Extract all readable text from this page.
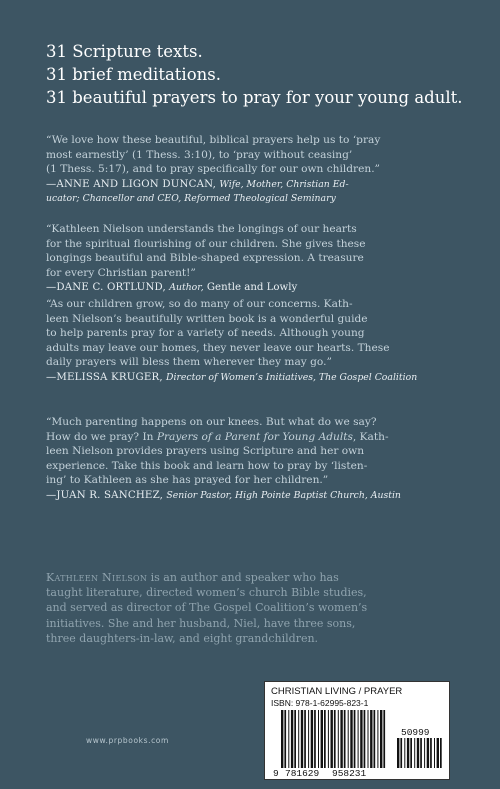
31 Scripture texts.
31 brief meditations.
31 beautiful prayers to pray for your young adult.
“We love how these beautiful, biblical prayers help us to ‘pray
most earnestly’ (1 Thess. 3:10), to ‘pray without ceasing’
(1 Thess. 5:17), and to pray specifically for our own children.”
—ANNE AND LIGON DUNCAN, Wife, Mother, Christian Ed-
ucator; Chancellor and CEO, Reformed Theological Seminary
“Kathleen Nielson understands the longings of our hearts
for the spiritual flourishing of our children. She gives these
longings beautiful and Bible-shaped expression. A treasure
for every Christian parent!”
—DANE C. ORTLUND, Author, Gentle and Lowly
“As our children grow, so do many of our concerns. Kath-
leen Nielson’s beautifully written book is a wonderful guide
to help parents pray for a variety of needs. Although young
adults may leave our homes, they never leave our hearts. These
daily prayers will bless them wherever they may go.”
—MELISSA KRUGER, Director of Women’s Initiatives, The Gospel Coalition
“Much parenting happens on our knees. But what do we say?
How do we pray? In Prayers of a Parent for Young Adults, Kath-
leen Nielson provides prayers using Scripture and her own
experience. Take this book and learn how to pray by ‘listen-
ing’ to Kathleen as she has prayed for her children.”
—JUAN R. SANCHEZ, Senior Pastor, High Pointe Baptist Church, Austin
Kathleen Nielson is an author and speaker who has
taught literature, directed women’s church Bible studies,
and served as director of The Gospel Coalition’s women’s
initiatives. She and her husband, Niel, have three sons,
three daughters-in-law, and eight grandchildren.
www.prpbooks.com
CHRISTIAN LIVING / PRAYER
ISBN: 978-1-62995-823-1
9 781629 958231
50999
